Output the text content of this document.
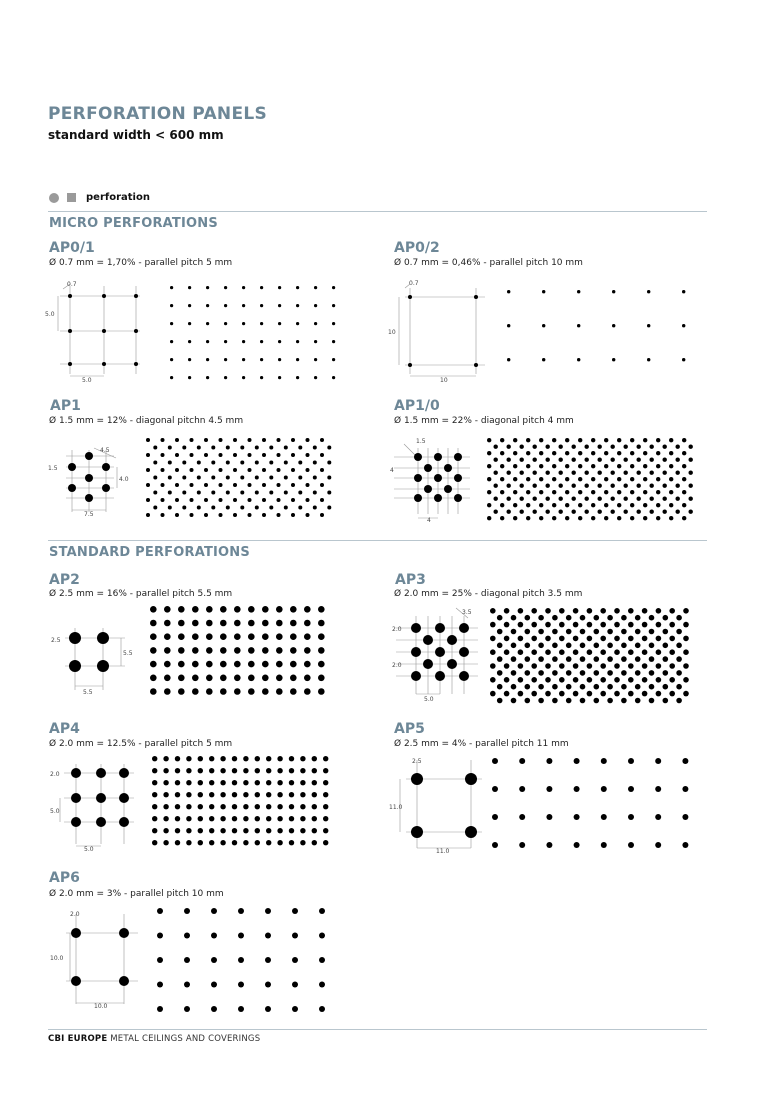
PERFORATION PANELS
standard width < 600 mm
perforation
MICRO PERFORATIONS
AP0/1
Ø 0.7 mm = 1,70% - parallel pitch 5 mm
0.7
5.0
5.0
AP0/2
Ø 0.7 mm = 0,46% - parallel pitch 10 mm
0.7
10
10
AP1
Ø 1.5 mm = 12% - diagonal pitchn 4.5 mm
1.5
4.5
4.0
7.5
AP1/0
Ø 1.5 mm = 22% - diagonal pitch 4 mm
1.5
4
4
STANDARD PERFORATIONS
AP2
Ø 2.5 mm = 16% - parallel pitch 5.5 mm
2.5
5.5
5.5
AP3
Ø 2.0 mm = 25% - diagonal pitch 3.5 mm
2.0
3.5
2.0
5.0
AP4
Ø 2.0 mm = 12.5% - parallel pitch 5 mm
2.0
5.0
5.0
AP5
Ø 2.5 mm = 4% - parallel pitch 11 mm
2.5
11.0
11.0
AP6
Ø 2.0 mm = 3% - parallel pitch 10 mm
2.0
10.0
10.0
CBI EUROPE METAL CEILINGS AND COVERINGS
